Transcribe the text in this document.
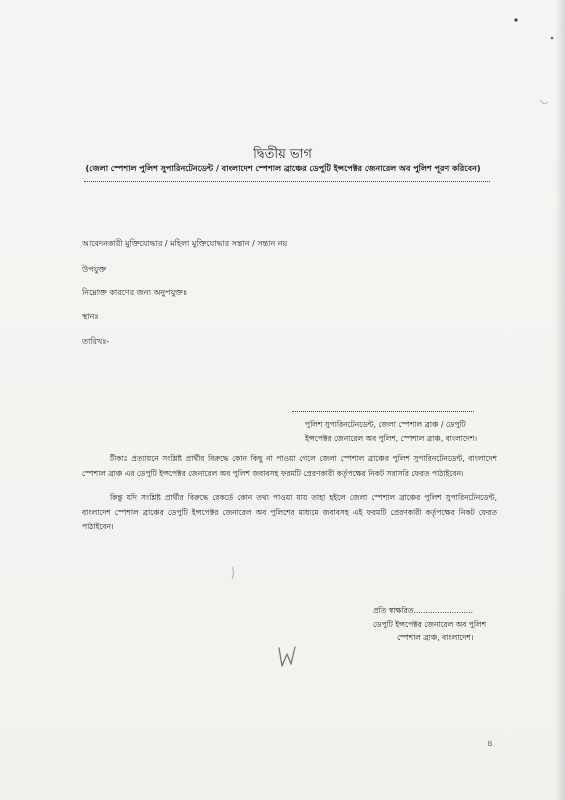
দ্বিতীয় ভাগ
(জেলা স্পেশাল পুলিশ সুপারিনটেনডেন্ট / বাংলাদেশ স্পেশাল ব্রাঞ্চের ডেপুটি ইন্সপেক্টর জেনারেল অব পুলিশ পূরণ করিবেন)
আবেদনকারী মুক্তিযোদ্ধার / মহিলা মুক্তিযোদ্ধার সন্তান / সন্তান নয়
উপযুক্ত
নিম্নোক্ত কারণের জন্য অনুপযুক্তঃ
স্থানঃ
তারিখঃ-
পুলিশ সুপারিনটেনডেন্ট, জেলা স্পেশাল ব্রাঞ্চ / ডেপুটি
ইন্সপেক্টর জেনারেল অব পুলিশ, স্পেশাল ব্রাঞ্চ, বাংলাদেশ।

টীকাঃ প্রত্যায়নে সংশ্লিষ্ট প্রার্থীর বিরুদ্ধে কোন কিছু না পাওয়া গেলে জেলা স্পেশাল ব্রাঞ্চের পুলিশ সুপারিনটেনডেন্ট, বাংলাদেশ স্পেশাল ব্রাঞ্চ এর ডেপুটি ইন্সপেক্টর জেনারেল অব পুলিশ জবাবসহ ফরমটি প্রেরণকারী কর্তৃপক্ষের নিকট সরাসরি ফেরত পাঠাইবেন।

কিন্তু যদি সংশ্লিষ্ট প্রার্থীর বিরুদ্ধে রেকর্ডে কোন তথ্য পাওয়া যায় তাহা হইলে জেলা স্পেশাল ব্রাঞ্চের পুলিশ সুপারিনটেনডেন্ট, বাংলাদেশ স্পেশাল ব্রাঞ্চের ডেপুটি ইন্সপেক্টর জেনারেল অব পুলিশের মাধ্যমে জবাবসহ এই ফরমটি প্রেরণকারী কর্তৃপক্ষের নিকট ফেরত পাঠাইবেন।

প্রতি স্বাক্ষরিত.........................
ডেপুটি ইন্সপেক্টর জেনারেল অব পুলিশ
স্পেশাল ব্রাঞ্চ, বাংলাদেশ।
৪
